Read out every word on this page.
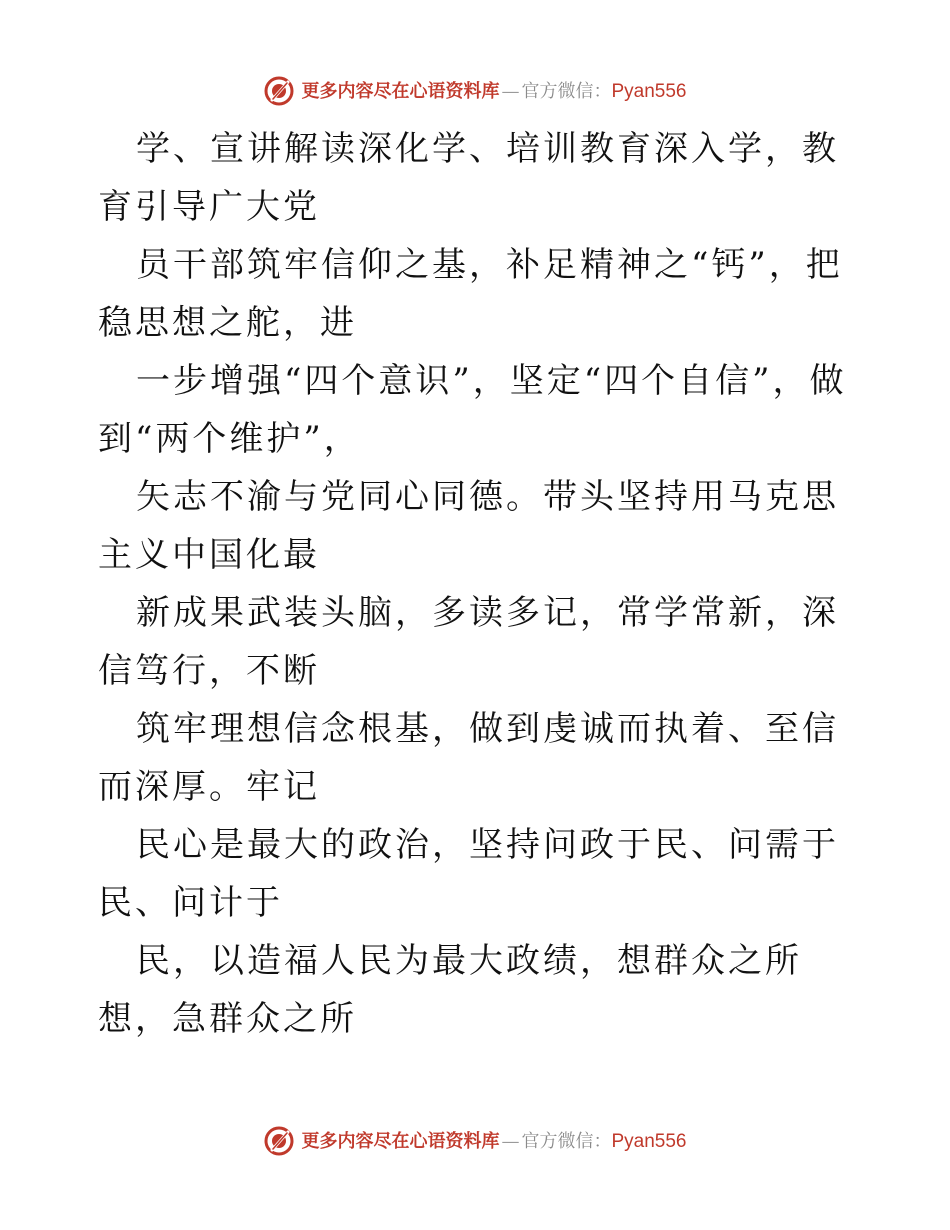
更多内容尽在心语资料库 — 官方微信： Pyan556

学、宣讲解读深化学、培训教育深入学，教育引导广大党

员干部筑牢信仰之基，补足精神之“钙”，把稳思想之舵，进

一步增强“四个意识”，坚定“四个自信”，做到“两个维护”，

矢志不渝与党同心同德。带头坚持用马克思主义中国化最

新成果武装头脑，多读多记，常学常新，深信笃行，不断

筑牢理想信念根基，做到虔诚而执着、至信而深厚。牢记

民心是最大的政治，坚持问政于民、问需于民、问计于

民，以造福人民为最大政绩，想群众之所想，急群众之所

更多内容尽在心语资料库 — 官方微信： Pyan556
